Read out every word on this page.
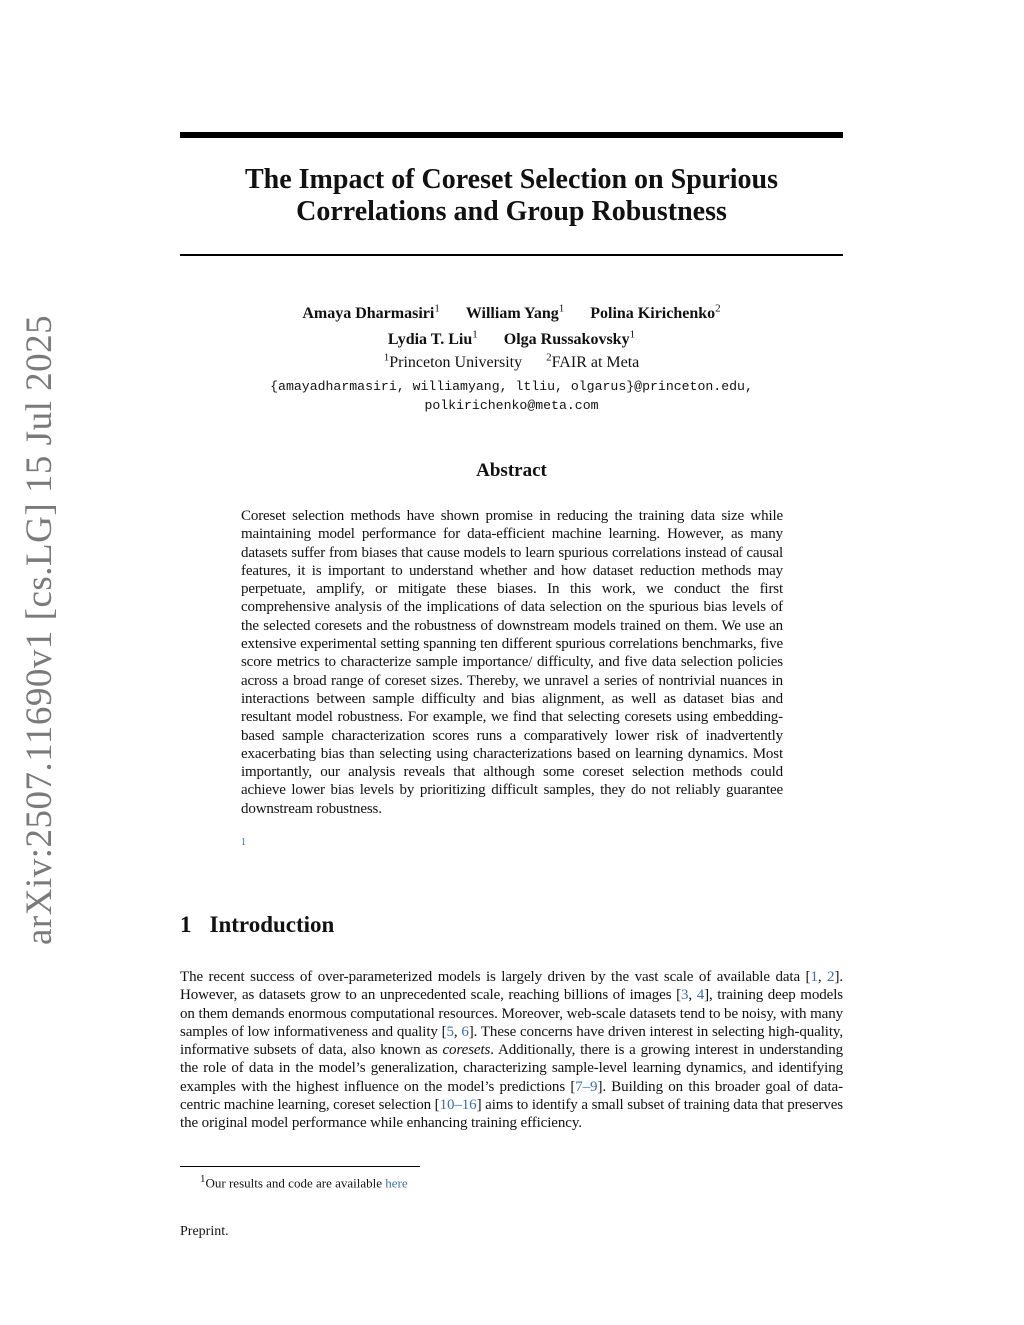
arXiv:2507.11690v1 [cs.LG] 15 Jul 2025
The Impact of Coreset Selection on Spurious
Correlations and Group Robustness
Amaya Dharmasiri$^1$ William Yang$^1$ Polina Kirichenko$^2$
Lydia T. Liu$^1$ Olga Russakovsky$^1$
$^1$Princeton University $^2$FAIR at Meta
{amayadharmasiri, williamyang, ltliu, olgarus}@princeton.edu,
polkirichenko@meta.com
Abstract

Coreset selection methods have shown promise in reducing the training data size while maintaining model performance for data-efficient machine learning. However, as many datasets suffer from biases that cause models to learn spurious correlations instead of causal features, it is important to understand whether and how dataset reduction methods may perpetuate, amplify, or mitigate these biases. In this work, we conduct the first comprehensive analysis of the implications of data selection on the spurious bias levels of the selected coresets and the robustness of downstream models trained on them. We use an extensive experimental setting spanning ten different spurious correlations benchmarks, five score metrics to characterize sample importance/ difficulty, and five data selection policies across a broad range of coreset sizes. Thereby, we unravel a series of nontrivial nuances in interactions between sample difficulty and bias alignment, as well as dataset bias and resultant model robustness. For example, we find that selecting coresets using embedding-based sample characterization scores runs a comparatively lower risk of inadvertently exacerbating bias than selecting using characterizations based on learning dynamics. Most importantly, our analysis reveals that although some coreset selection methods could achieve lower bias levels by prioritizing difficult samples, they do not reliably guarantee downstream robustness.

1
1 Introduction

The recent success of over-parameterized models is largely driven by the vast scale of available data [1, 2]. However, as datasets grow to an unprecedented scale, reaching billions of images [3, 4], training deep models on them demands enormous computational resources. Moreover, web-scale datasets tend to be noisy, with many samples of low informativeness and quality [5, 6]. These concerns have driven interest in selecting high-quality, informative subsets of data, also known as coresets. Additionally, there is a growing interest in understanding the role of data in the model’s generalization, characterizing sample-level learning dynamics, and identifying examples with the highest influence on the model’s predictions [7–9]. Building on this broader goal of data-centric machine learning, coreset selection [10–16] aims to identify a small subset of training data that preserves the original model performance while enhancing training efficiency.

$^1$Our results and code are available here
Preprint.
